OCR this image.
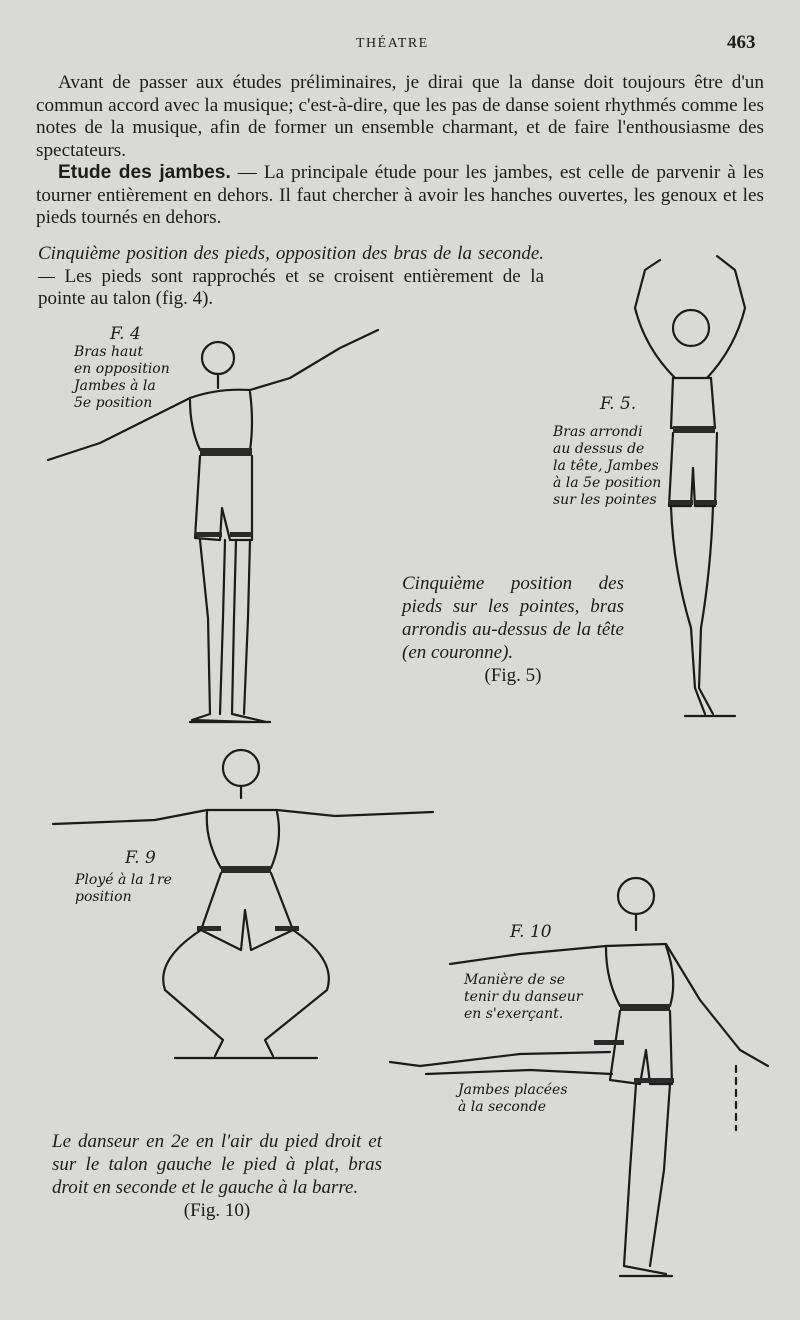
THÉATRE	463

Avant de passer aux études préliminaires, je dirai que la danse doit toujours être d'un commun accord avec la musique; c'est-à-dire, que les pas de danse soient rhythmés comme les notes de la musique, afin de former un ensemble charmant, et de faire l'enthousiasme des spectateurs.

Etude des jambes. — La principale étude pour les jambes, est celle de parvenir à les tourner entièrement en dehors. Il faut chercher à avoir les hanches ouvertes, les genoux et les pieds tournés en dehors.

Cinquième position des pieds, opposition des bras de la seconde. — Les pieds sont rapprochés et se croisent entièrement de la pointe au talon (fig. 4).
F. 4
Bras haut
en opposition
Jambes à la
5e position	F. 5.
Bras arrondi
au dessus de
la tête, Jambes
à la 5e position
sur les pointes
Cinquième position des pieds sur les pointes, bras arrondis au-dessus de la tête (en couronne).
(Fig. 5)
F. 9
Ployé à la 1re
position
F. 10
Manière de se
tenir du danseur
en s'exerçant.
Jambes placées
à la seconde
Le danseur en 2e en l'air du pied droit et sur le talon gauche le pied à plat, bras droit en seconde et le gauche à la barre.
(Fig. 10)
